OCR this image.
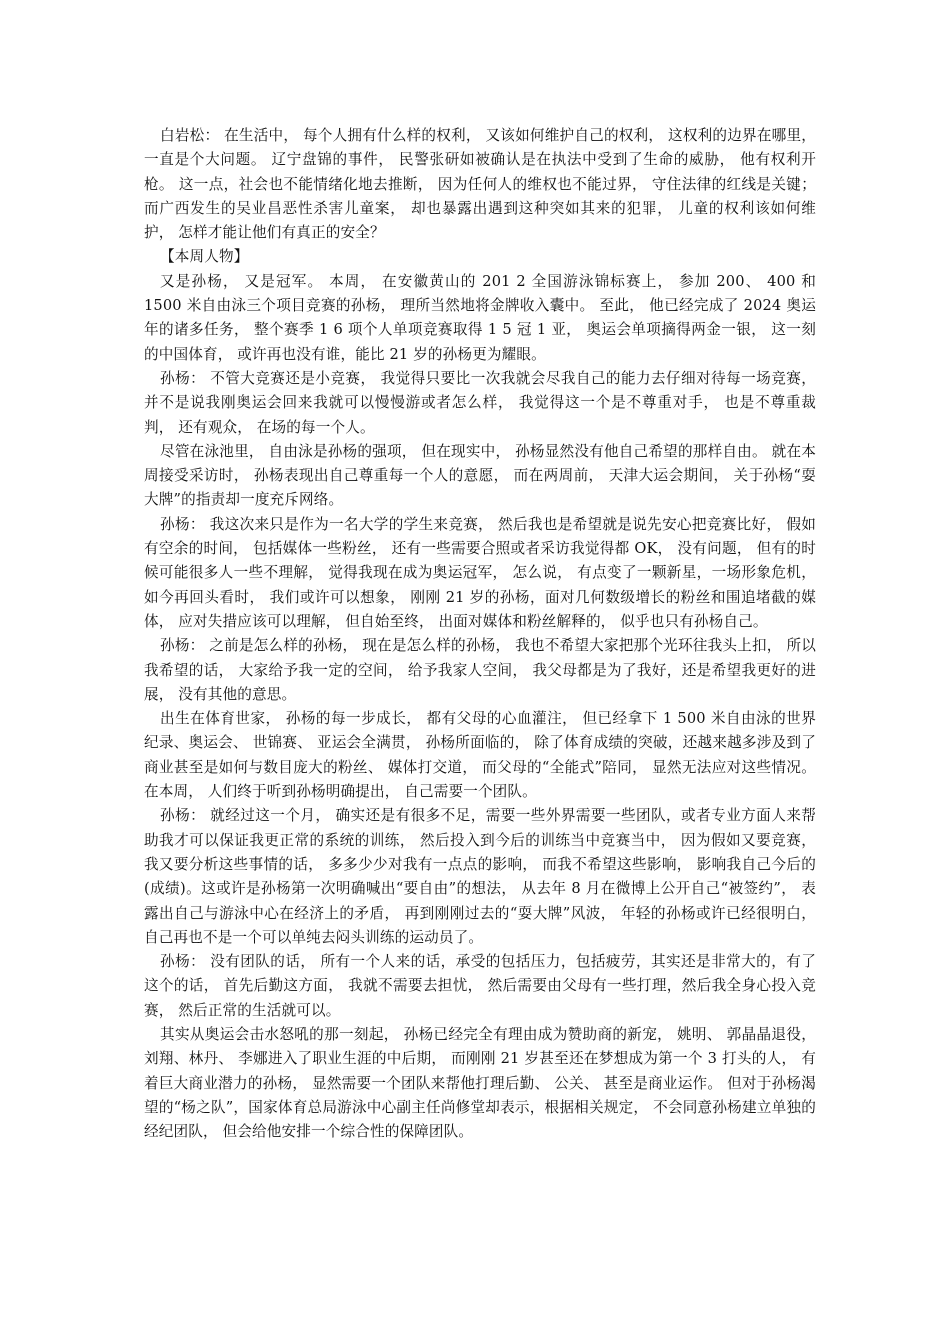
白岩松： 在生活中， 每个人拥有什么样的权利， 又该如何维护自己的权利， 这权利的边界在哪里， 一直是个大问题。 辽宁盘锦的事件， 民警张研如被确认是在执法中受到了生命的威胁， 他有权利开枪。 这一点，社会也不能情绪化地去推断， 因为任何人的维权也不能过界， 守住法律的红线是关键； 而广西发生的吴业昌恶性杀害儿童案， 却也暴露出遇到这种突如其来的犯罪， 儿童的权利该如何维护， 怎样才能让他们有真正的安全？

【本周人物】

又是孙杨， 又是冠军。 本周， 在安徽黄山的 201 2 全国游泳锦标赛上， 参加 200、 400 和 1500 米自由泳三个项目竞赛的孙杨， 理所当然地将金牌收入囊中。 至此， 他已经完成了 2024 奥运年的诸多任务， 整个赛季 1 6 项个人单项竞赛取得 1 5 冠 1 亚， 奥运会单项摘得两金一银， 这一刻的中国体育， 或许再也没有谁，能比 21 岁的孙杨更为耀眼。

孙杨： 不管大竞赛还是小竞赛， 我觉得只要比一次我就会尽我自己的能力去仔细对待每一场竞赛， 并不是说我刚奥运会回来我就可以慢慢游或者怎么样， 我觉得这一个是不尊重对手， 也是不尊重裁判， 还有观众， 在场的每一个人。

尽管在泳池里， 自由泳是孙杨的强项， 但在现实中， 孙杨显然没有他自己希望的那样自由。 就在本周接受采访时， 孙杨表现出自己尊重每一个人的意愿， 而在两周前， 天津大运会期间， 关于孙杨“耍大牌”的指责却一度充斥网络。

孙杨： 我这次来只是作为一名大学的学生来竞赛， 然后我也是希望就是说先安心把竞赛比好， 假如有空余的时间， 包括媒体一些粉丝， 还有一些需要合照或者采访我觉得都 OK， 没有问题， 但有的时候可能很多人一些不理解， 觉得我现在成为奥运冠军， 怎么说， 有点变了一颗新星，一场形象危机， 如今再回头看时， 我们或许可以想象， 刚刚 21 岁的孙杨，面对几何数级增长的粉丝和围追堵截的媒体， 应对失措应该可以理解， 但自始至终， 出面对媒体和粉丝解释的， 似乎也只有孙杨自己。

孙杨： 之前是怎么样的孙杨， 现在是怎么样的孙杨， 我也不希望大家把那个光环往我头上扣， 所以我希望的话， 大家给予我一定的空间， 给予我家人空间， 我父母都是为了我好，还是希望我更好的进展， 没有其他的意思。

出生在体育世家， 孙杨的每一步成长， 都有父母的心血灌注， 但已经拿下 1 500 米自由泳的世界纪录、奥运会、 世锦赛、 亚运会全满贯， 孙杨所面临的， 除了体育成绩的突破，还越来越多涉及到了商业甚至是如何与数目庞大的粉丝、 媒体打交道， 而父母的“全能式”陪同， 显然无法应对这些情况。 在本周， 人们终于听到孙杨明确提出， 自己需要一个团队。

孙杨： 就经过这一个月， 确实还是有很多不足，需要一些外界需要一些团队，或者专业方面人来帮助我才可以保证我更正常的系统的训练， 然后投入到今后的训练当中竞赛当中， 因为假如又要竞赛， 我又要分析这些事情的话， 多多少少对我有一点点的影响， 而我不希望这些影响， 影响我自己今后的(成绩)。这或许是孙杨第一次明确喊出“要自由”的想法， 从去年 8 月在微博上公开自己“被签约”， 表露出自己与游泳中心在经济上的矛盾， 再到刚刚过去的“耍大牌”风波， 年轻的孙杨或许已经很明白， 自己再也不是一个可以单纯去闷头训练的运动员了。

孙杨： 没有团队的话， 所有一个人来的话，承受的包括压力，包括疲劳，其实还是非常大的，有了这个的话， 首先后勤这方面， 我就不需要去担忧， 然后需要由父母有一些打理，然后我全身心投入竞赛， 然后正常的生活就可以。

其实从奥运会击水怒吼的那一刻起， 孙杨已经完全有理由成为赞助商的新宠， 姚明、 郭晶晶退役， 刘翔、林丹、 李娜进入了职业生涯的中后期， 而刚刚 21 岁甚至还在梦想成为第一个 3 打头的人， 有着巨大商业潜力的孙杨， 显然需要一个团队来帮他打理后勤、 公关、 甚至是商业运作。 但对于孙杨渴望的“杨之队”，国家体育总局游泳中心副主任尚修堂却表示，根据相关规定， 不会同意孙杨建立单独的经纪团队， 但会给他安排一个综合性的保障团队。
